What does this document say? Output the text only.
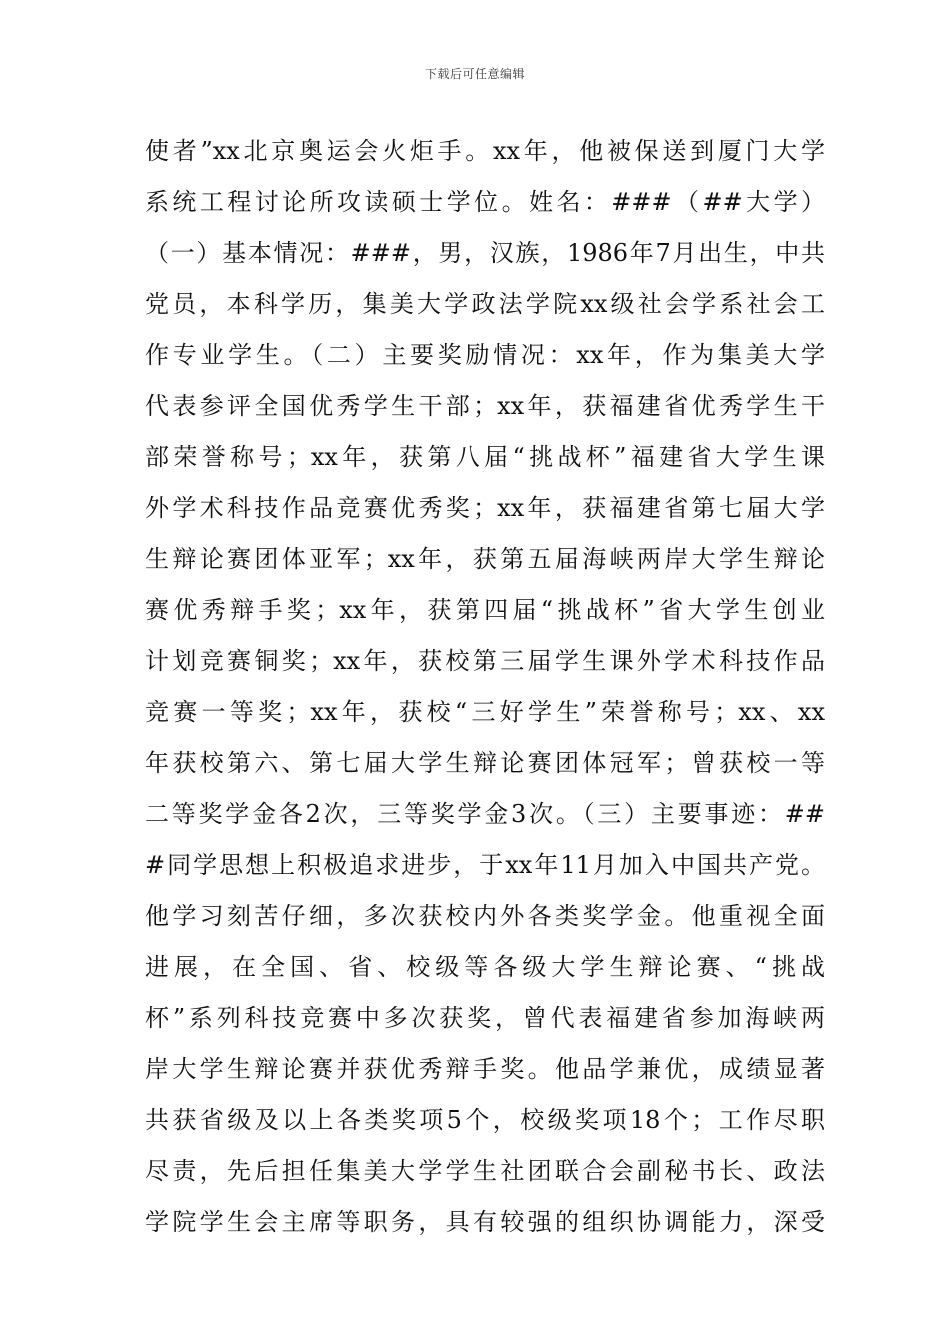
下载后可任意编辑
使者”xx北京奥运会火炬手。xx年，他被保送到厦门大学
系统工程讨论所攻读硕士学位。姓名：###（##大学）
（一）基本情况：###，男，汉族，1986年7月出生，中共
党员，本科学历，集美大学政法学院xx级社会学系社会工
作专业学生。（二）主要奖励情况：xx年，作为集美大学
代表参评全国优秀学生干部；xx年，获福建省优秀学生干
部荣誉称号；xx年，获第八届“挑战杯”福建省大学生课
外学术科技作品竞赛优秀奖；xx年，获福建省第七届大学
生辩论赛团体亚军；xx年，获第五届海峡两岸大学生辩论
赛优秀辩手奖；xx年，获第四届“挑战杯”省大学生创业
计划竞赛铜奖；xx年，获校第三届学生课外学术科技作品
竞赛一等奖；xx年，获校“三好学生”荣誉称号；xx、xx
年获校第六、第七届大学生辩论赛团体冠军；曾获校一等
二等奖学金各2次，三等奖学金3次。（三）主要事迹：##
#同学思想上积极追求进步，于xx年11月加入中国共产党。
他学习刻苦仔细，多次获校内外各类奖学金。他重视全面
进展，在全国、省、校级等各级大学生辩论赛、“挑战
杯”系列科技竞赛中多次获奖，曾代表福建省参加海峡两
岸大学生辩论赛并获优秀辩手奖。他品学兼优，成绩显著
共获省级及以上各类奖项5个，校级奖项18个；工作尽职
尽责，先后担任集美大学学生社团联合会副秘书长、政法
学院学生会主席等职务，具有较强的组织协调能力，深受
